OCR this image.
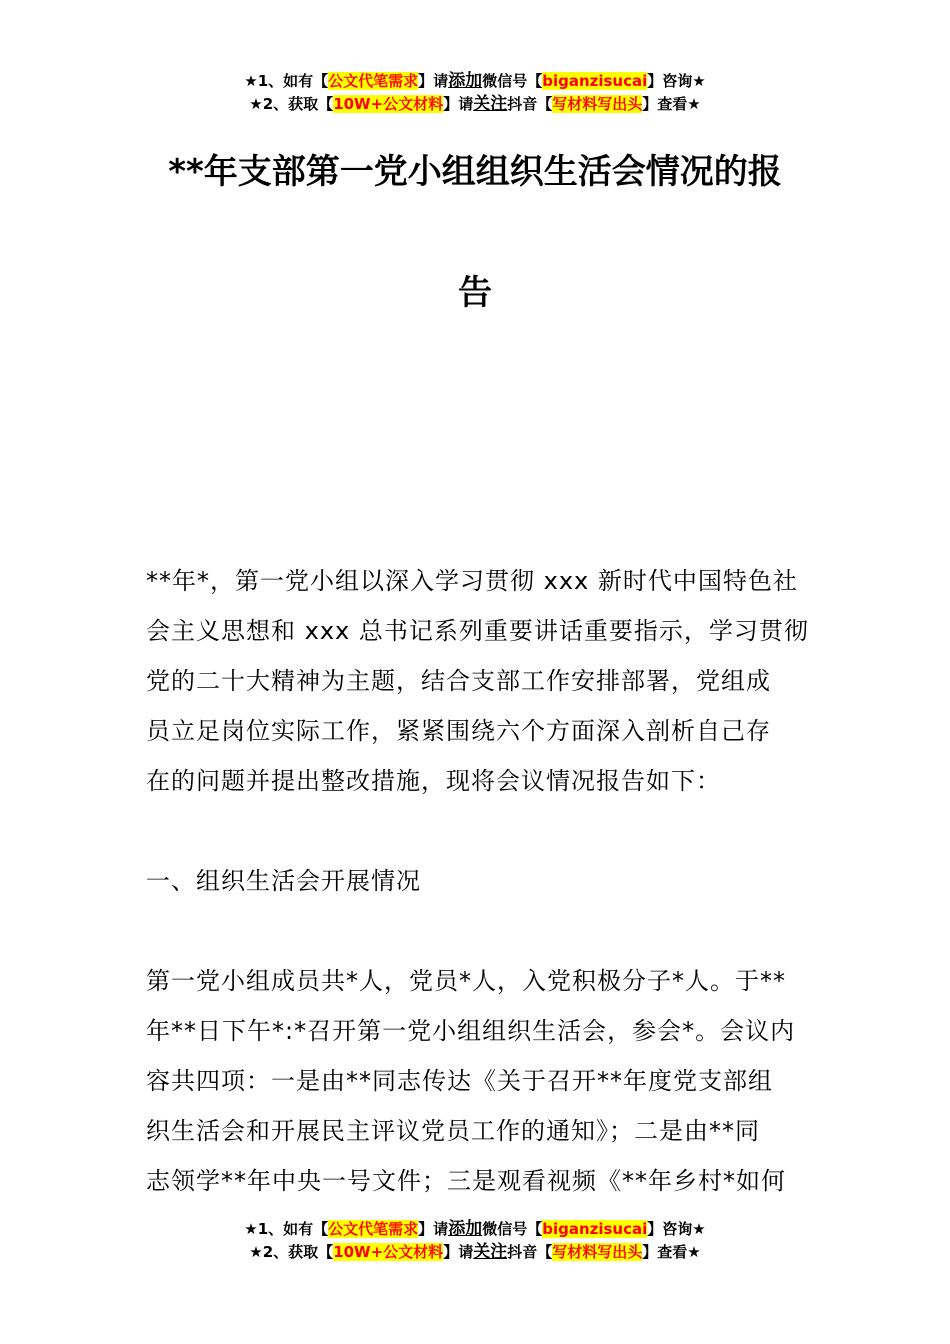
★1、如有【公文代笔需求】请添加微信号【biganzisucai】咨询★
★2、获取【10W+公文材料】请关注抖音【写材料写出头】查看★
**年支部第一党小组组织生活会情况的报
告
**年*，第一党小组以深入学习贯彻 xxx 新时代中国特色社
会主义思想和 xxx 总书记系列重要讲话重要指示，学习贯彻
党的二十大精神为主题，结合支部工作安排部署，党组成
员立足岗位实际工作，紧紧围绕六个方面深入剖析自己存
在的问题并提出整改措施，现将会议情况报告如下：
一、组织生活会开展情况
第一党小组成员共*人，党员*人，入党积极分子*人。于**
年**日下午*:*召开第一党小组组织生活会，参会*。会议内
容共四项：一是由**同志传达《关于召开**年度党支部组
织生活会和开展民主评议党员工作的通知》；二是由**同
志领学**年中央一号文件；三是观看视频《**年乡村*如何
★1、如有【公文代笔需求】请添加微信号【biganzisucai】咨询★
★2、获取【10W+公文材料】请关注抖音【写材料写出头】查看★
